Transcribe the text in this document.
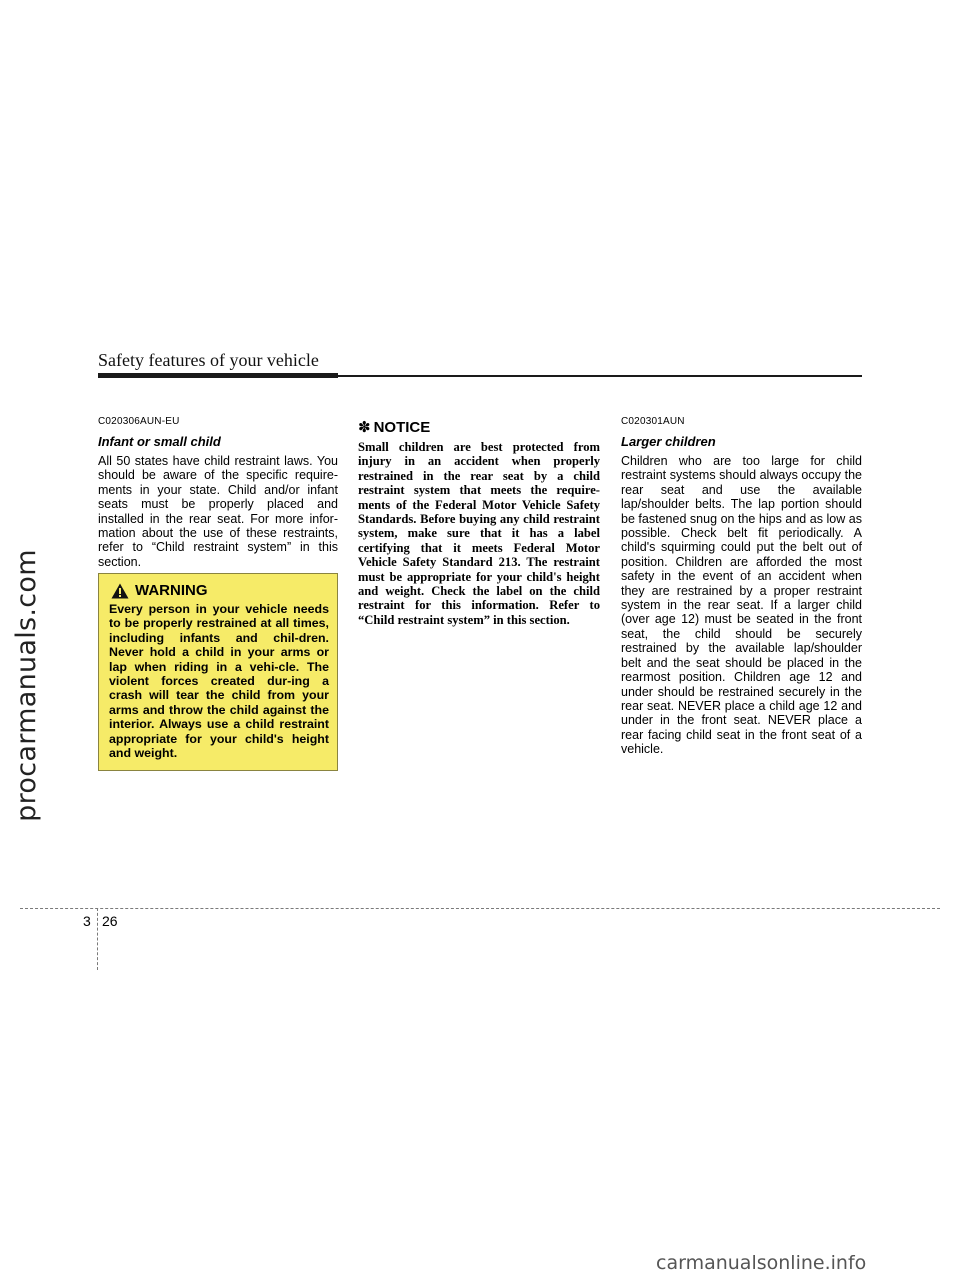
procarmanuals.com
Safety features of your vehicle
C020306AUN-EU
Infant or small child
All 50 states have child restraint laws. You should be aware of the specific require-ments in your state. Child and/or infant seats must be properly placed and installed in the rear seat. For more infor-mation about the use of these restraints, refer to “Child restraint system” in this section.
WARNING
Every person in your vehicle needs to be properly restrained at all times, including infants and chil-dren. Never hold a child in your arms or lap when riding in a vehi-cle. The violent forces created dur-ing a crash will tear the child from your arms and throw the child against the interior. Always use a child restraint appropriate for your child's height and weight.
✽ NOTICE
Small children are best protected from injury in an accident when properly restrained in the rear seat by a child restraint system that meets the require-ments of the Federal Motor Vehicle Safety Standards. Before buying any child restraint system, make sure that it has a label certifying that it meets Federal Motor Vehicle Safety Standard 213. The restraint must be appropriate for your child's height and weight. Check the label on the child restraint for this information. Refer to “Child restraint system” in this section.
C020301AUN
Larger children
Children who are too large for child restraint systems should always occupy the rear seat and use the available lap/shoulder belts. The lap portion should be fastened snug on the hips and as low as possible. Check belt fit periodically. A child's squirming could put the belt out of position. Children are afforded the most safety in the event of an accident when they are restrained by a proper restraint system in the rear seat. If a larger child (over age 12) must be seated in the front seat, the child should be securely restrained by the available lap/shoulder belt and the seat should be placed in the rearmost position. Children age 12 and under should be restrained securely in the rear seat. NEVER place a child age 12 and under in the front seat. NEVER place a rear facing child seat in the front seat of a vehicle.
3 26
carmanualsonline.info
